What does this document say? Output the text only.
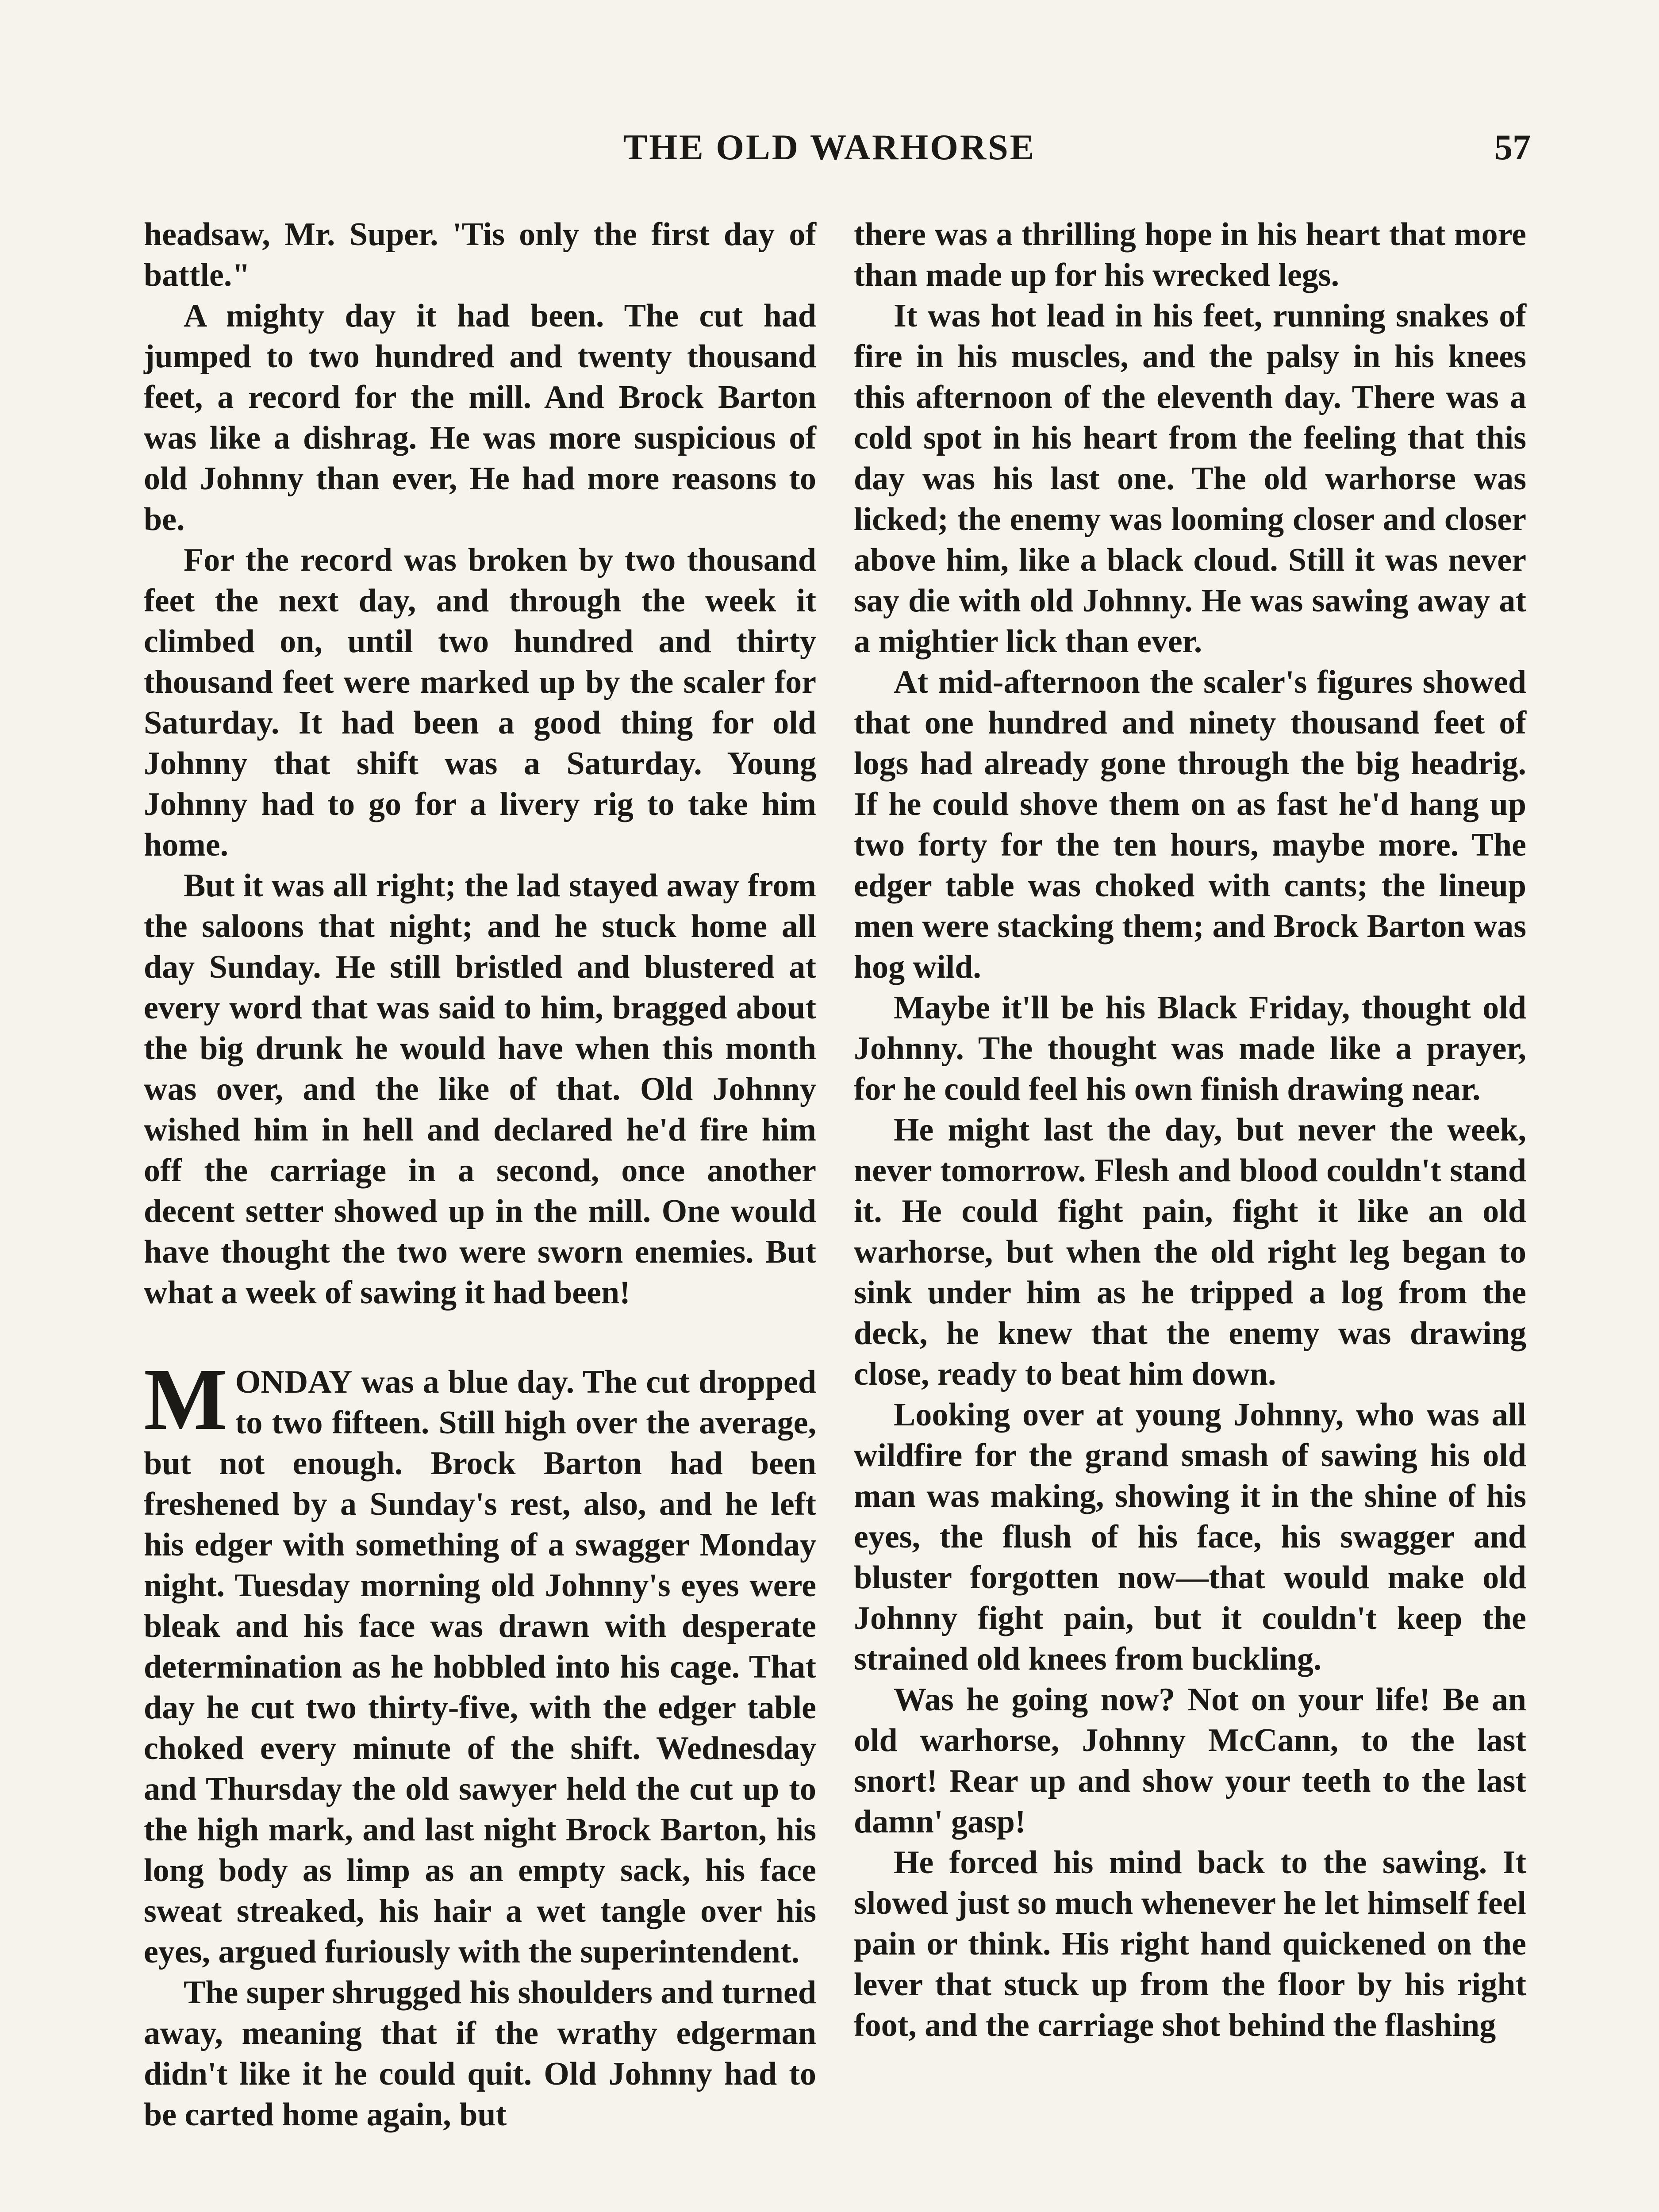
THE OLD WARHORSE	57

headsaw, Mr. Super. 'Tis only the first day of battle."

A mighty day it had been. The cut had jumped to two hundred and twenty thousand feet, a record for the mill. And Brock Barton was like a dishrag. He was more suspicious of old Johnny than ever, He had more reasons to be.

For the record was broken by two thousand feet the next day, and through the week it climbed on, until two hundred and thirty thousand feet were marked up by the scaler for Saturday. It had been a good thing for old Johnny that shift was a Saturday. Young Johnny had to go for a livery rig to take him home.

But it was all right; the lad stayed away from the saloons that night; and he stuck home all day Sunday. He still bristled and blustered at every word that was said to him, bragged about the big drunk he would have when this month was over, and the like of that. Old Johnny wished him in hell and declared he'd fire him off the carriage in a second, once another decent setter showed up in the mill. One would have thought the two were sworn enemies. But what a week of sawing it had been!

MONDAY was a blue day. The cut dropped to two fifteen. Still high over the average, but not enough. Brock Barton had been freshened by a Sunday's rest, also, and he left his edger with something of a swagger Monday night. Tuesday morning old Johnny's eyes were bleak and his face was drawn with desperate determination as he hobbled into his cage. That day he cut two thirty-five, with the edger table choked every minute of the shift. Wednesday and Thursday the old sawyer held the cut up to the high mark, and last night Brock Barton, his long body as limp as an empty sack, his face sweat streaked, his hair a wet tangle over his eyes, argued furiously with the superintendent.

The super shrugged his shoulders and turned away, meaning that if the wrathy edgerman didn't like it he could quit. Old Johnny had to be carted home again, but

there was a thrilling hope in his heart that more than made up for his wrecked legs.

It was hot lead in his feet, running snakes of fire in his muscles, and the palsy in his knees this afternoon of the eleventh day. There was a cold spot in his heart from the feeling that this day was his last one. The old warhorse was licked; the enemy was looming closer and closer above him, like a black cloud. Still it was never say die with old Johnny. He was sawing away at a mightier lick than ever.

At mid-afternoon the scaler's figures showed that one hundred and ninety thousand feet of logs had already gone through the big headrig. If he could shove them on as fast he'd hang up two forty for the ten hours, maybe more. The edger table was choked with cants; the lineup men were stacking them; and Brock Barton was hog wild.

Maybe it'll be his Black Friday, thought old Johnny. The thought was made like a prayer, for he could feel his own finish drawing near.

He might last the day, but never the week, never tomorrow. Flesh and blood couldn't stand it. He could fight pain, fight it like an old warhorse, but when the old right leg began to sink under him as he tripped a log from the deck, he knew that the enemy was drawing close, ready to beat him down.

Looking over at young Johnny, who was all wildfire for the grand smash of sawing his old man was making, showing it in the shine of his eyes, the flush of his face, his swagger and bluster forgotten now—that would make old Johnny fight pain, but it couldn't keep the strained old knees from buckling.

Was he going now? Not on your life! Be an old warhorse, Johnny McCann, to the last snort! Rear up and show your teeth to the last damn' gasp!

He forced his mind back to the sawing. It slowed just so much whenever he let himself feel pain or think. His right hand quickened on the lever that stuck up from the floor by his right foot, and the carriage shot behind the flashing
